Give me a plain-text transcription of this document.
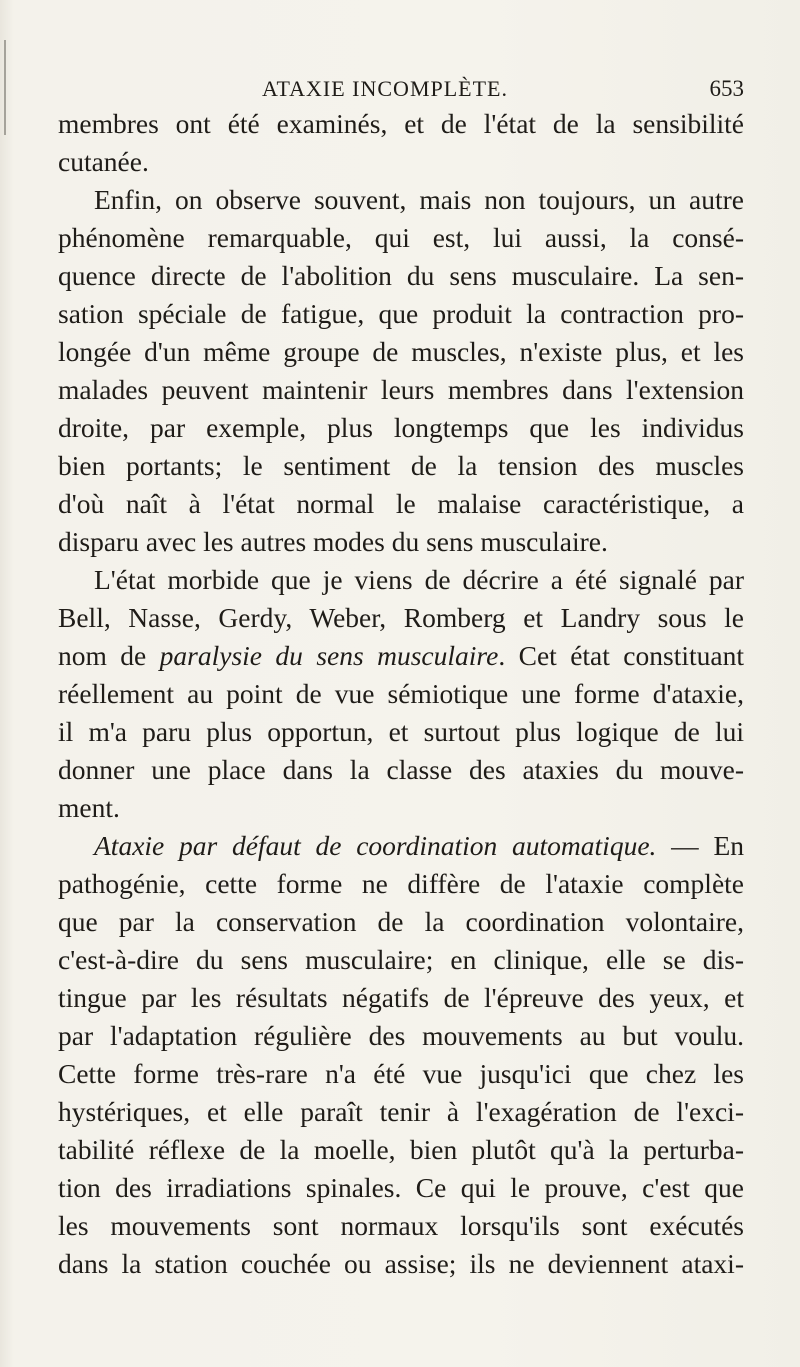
ATAXIE INCOMPLÈTE.	653
membres ont été examinés, et de l'état de la sensibilité
cutanée.
Enfin, on observe souvent, mais non toujours, un autre
phénomène remarquable, qui est, lui aussi, la consé-
quence directe de l'abolition du sens musculaire. La sen-
sation spéciale de fatigue, que produit la contraction pro-
longée d'un même groupe de muscles, n'existe plus, et les
malades peuvent maintenir leurs membres dans l'extension
droite, par exemple, plus longtemps que les individus
bien portants; le sentiment de la tension des muscles
d'où naît à l'état normal le malaise caractéristique, a
disparu avec les autres modes du sens musculaire.
L'état morbide que je viens de décrire a été signalé par
Bell, Nasse, Gerdy, Weber, Romberg et Landry sous le
nom de paralysie du sens musculaire. Cet état constituant
réellement au point de vue sémiotique une forme d'ataxie,
il m'a paru plus opportun, et surtout plus logique de lui
donner une place dans la classe des ataxies du mouve-
ment.
Ataxie par défaut de coordination automatique. — En
pathogénie, cette forme ne diffère de l'ataxie complète
que par la conservation de la coordination volontaire,
c'est-à-dire du sens musculaire; en clinique, elle se dis-
tingue par les résultats négatifs de l'épreuve des yeux, et
par l'adaptation régulière des mouvements au but voulu.
Cette forme très-rare n'a été vue jusqu'ici que chez les
hystériques, et elle paraît tenir à l'exagération de l'exci-
tabilité réflexe de la moelle, bien plutôt qu'à la perturba-
tion des irradiations spinales. Ce qui le prouve, c'est que
les mouvements sont normaux lorsqu'ils sont exécutés
dans la station couchée ou assise; ils ne deviennent ataxi-
